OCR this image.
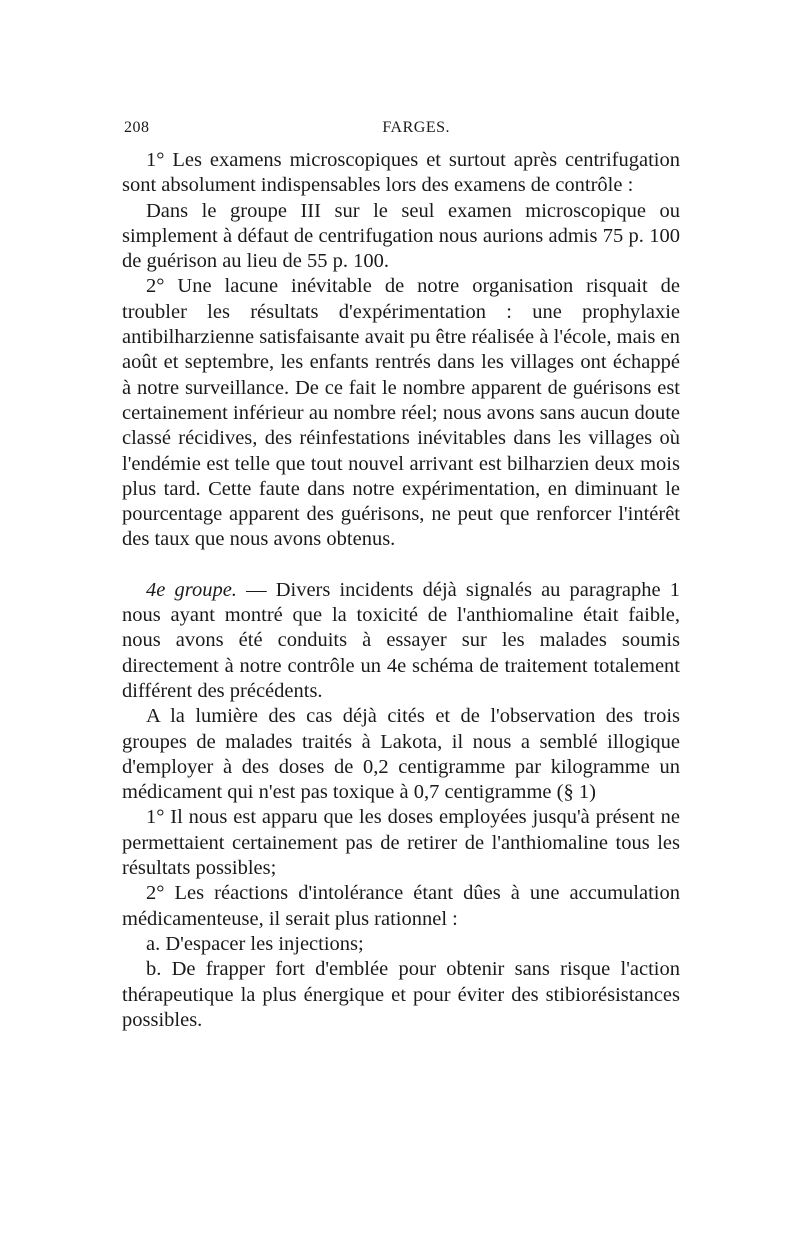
208	FARGES.

1° Les examens microscopiques et surtout après centrifugation sont absolument indispensables lors des examens de contrôle :

Dans le groupe III sur le seul examen microscopique ou simplement à défaut de centrifugation nous aurions admis 75 p. 100 de guérison au lieu de 55 p. 100.

2° Une lacune inévitable de notre organisation risquait de troubler les résultats d'expérimentation : une prophylaxie antibilharzienne satisfaisante avait pu être réalisée à l'école, mais en août et septembre, les enfants rentrés dans les villages ont échappé à notre surveillance. De ce fait le nombre apparent de guérisons est certainement inférieur au nombre réel; nous avons sans aucun doute classé récidives, des réinfestations inévitables dans les villages où l'endémie est telle que tout nouvel arrivant est bilharzien deux mois plus tard. Cette faute dans notre expérimentation, en diminuant le pourcentage apparent des guérisons, ne peut que renforcer l'intérêt des taux que nous avons obtenus.

4e groupe. — Divers incidents déjà signalés au paragraphe 1 nous ayant montré que la toxicité de l'anthiomaline était faible, nous avons été conduits à essayer sur les malades soumis directement à notre contrôle un 4e schéma de traitement totalement différent des précédents.

A la lumière des cas déjà cités et de l'observation des trois groupes de malades traités à Lakota, il nous a semblé illogique d'employer à des doses de 0,2 centigramme par kilogramme un médicament qui n'est pas toxique à 0,7 centigramme (§ 1)

1° Il nous est apparu que les doses employées jusqu'à présent ne permettaient certainement pas de retirer de l'anthiomaline tous les résultats possibles;

2° Les réactions d'intolérance étant dûes à une accumulation médicamenteuse, il serait plus rationnel :

a. D'espacer les injections;

b. De frapper fort d'emblée pour obtenir sans risque l'action thérapeutique la plus énergique et pour éviter des stibiorésistances possibles.
